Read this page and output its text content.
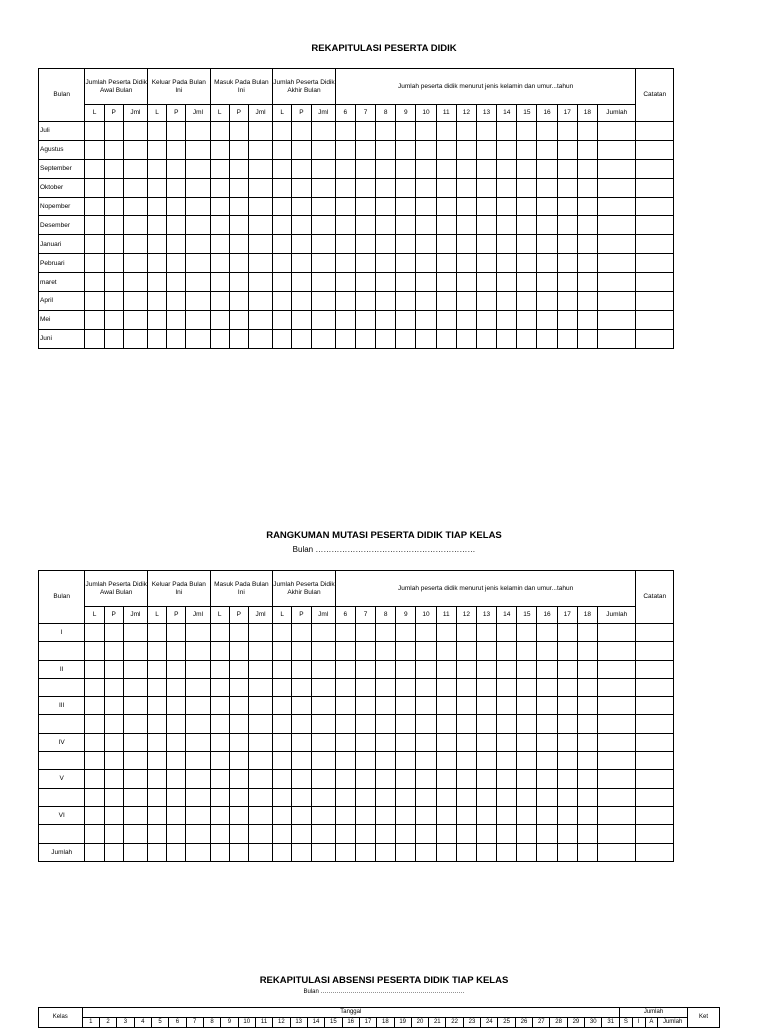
REKAPITULASI PESERTA DIDIK
Bulan	Jumlah Peserta Didik Awal Bulan			Keluar Pada Bulan Ini			Masuk Pada Bulan Ini			Jumlah Peserta Didik Akhir Bulan			Jumlah peserta didik menurut jenis kelamin dan umur...tahun														Catatan
	L	P	Jml	L	P	Jml	L	P	Jml	L	P	Jml	6	7	8	9	10	11	12	13	14	15	16	17	18	Jumlah	
Juli																											
Agustus																											
September																											
Oktober																											
Nopember																											
Desember																											
Januari																											
Pebruari																											
maret																											
April																											
Mei																											
Juni																											
RANGKUMAN MUTASI PESERTA DIDIK TIAP KELAS
Bulan ……………………………………………………
Bulan	Jumlah Peserta Didik Awal Bulan			Keluar Pada Bulan Ini			Masuk Pada Bulan Ini			Jumlah Peserta Didik Akhir Bulan			Jumlah peserta didik menurut jenis kelamin dan umur...tahun														Catatan
	L	P	Jml	L	P	Jml	L	P	Jml	L	P	Jml	6	7	8	9	10	11	12	13	14	15	16	17	18	Jumlah	
I																											

II																											

III																											

IV																											

V																											

VI																											

Jumlah																											
REKAPITULASI ABSENSI PESERTA DIDIK TIAP KELAS
Bulan ………………………………………………………………
Kelas	Tanggal																															Jumlah				Ket
	1	2	3	4	5	6	7	8	9	10	11	12	13	14	15	16	17	18	19	20	21	22	23	24	25	26	27	28	29	30	31	S	I	A	Jumlah	
